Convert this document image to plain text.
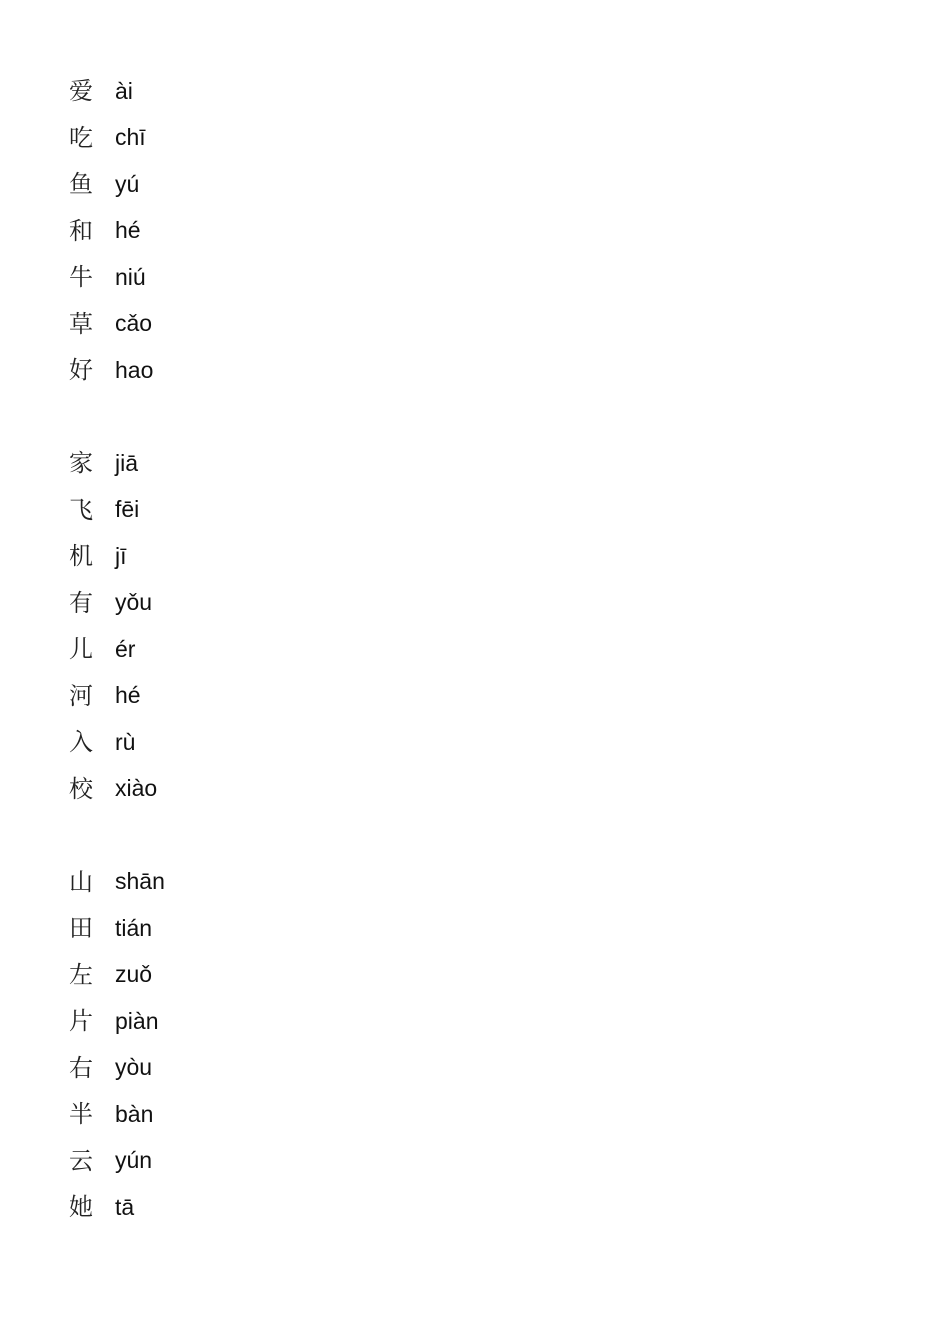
爱 ài
吃 chī
鱼 yú
和 hé
牛 niú
草 cǎo
好 hao
家 jiā
飞 fēi
机 jī
有 yǒu
儿 ér
河 hé
入 rù
校 xiào
山 shān
田 tián
左 zuǒ
片 piàn
右 yòu
半 bàn
云 yún
她 tā
